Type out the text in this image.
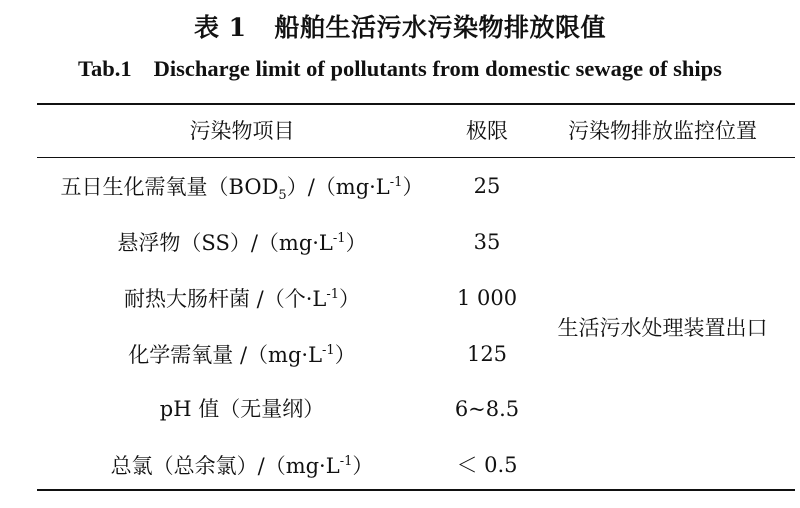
表 1 船舶生活污水污染物排放限值
Tab.1 Discharge limit of pollutants from domestic sewage of ships
污染物项目	极限	污染物排放监控位置
五日生化需氧量$(BOD_5)/(mg\cdot L^{-1})$	25
悬浮物$(SS)/(mg\cdot L^{-1})$	35
耐热大肠杆菌 /（个$\cdot L^{-1}$）	1 000
化学需氧量 $/(mg\cdot L^{-1})$	125
pH 值（无量纲）	6~8.5
总氯（总余氯）$/(mg\cdot L^{-1})$	＜ 0.5
生活污水处理装置出口
